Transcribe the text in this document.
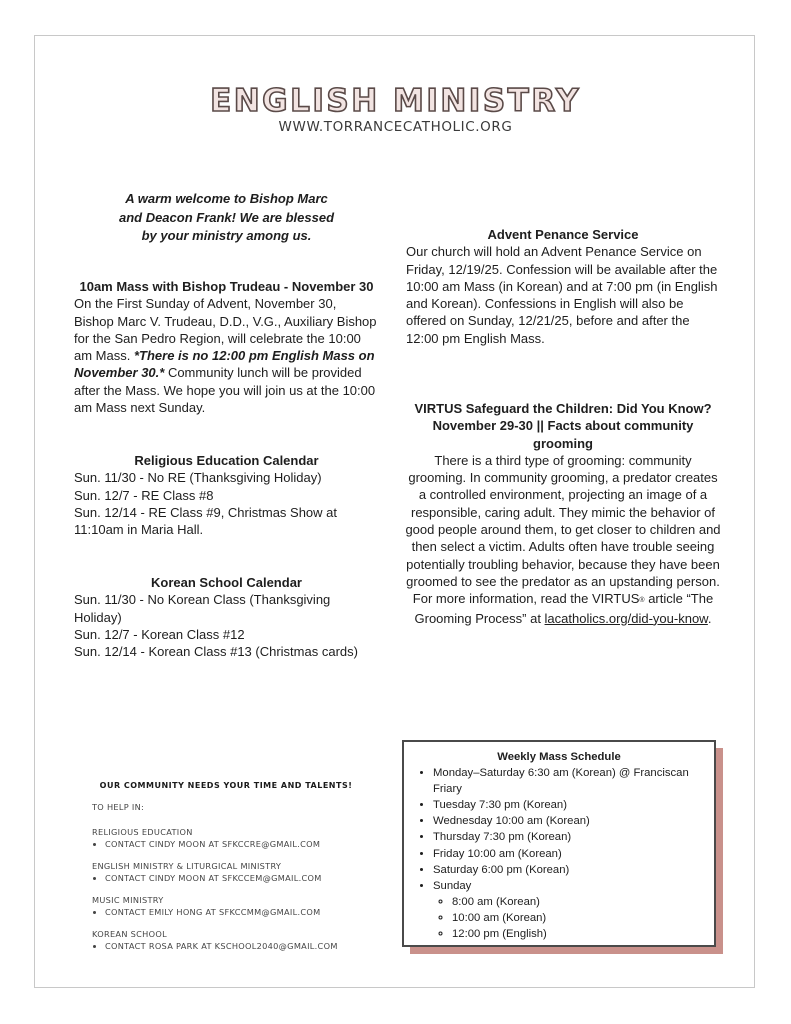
ENGLISH MINISTRY
WWW.TORRANCECATHOLIC.ORG
A warm welcome to Bishop Marc
and Deacon Frank! We are blessed
by your ministry among us.
10am Mass with Bishop Trudeau - November 30

On the First Sunday of Advent, November 30, Bishop Marc V. Trudeau, D.D., V.G., Auxiliary Bishop for the San Pedro Region, will celebrate the 10:00 am Mass. *There is no 12:00 pm English Mass on November 30.* Community lunch will be provided after the Mass. We hope you will join us at the 10:00 am Mass next Sunday.

Religious Education Calendar

Sun. 11/30 - No RE (Thanksgiving Holiday)

Sun. 12/7 - RE Class #8

Sun. 12/14 - RE Class #9, Christmas Show at 11:10am in Maria Hall.

Korean School Calendar

Sun. 11/30 - No Korean Class (Thanksgiving Holiday)

Sun. 12/7 - Korean Class #12

Sun. 12/14 - Korean Class #13 (Christmas cards)

Advent Penance Service

Our church will hold an Advent Penance Service on Friday, 12/19/25. Confession will be available after the 10:00 am Mass (in Korean) and at 7:00 pm (in English and Korean). Confessions in English will also be offered on Sunday, 12/21/25, before and after the 12:00 pm English Mass.

VIRTUS Safeguard the Children: Did You Know?
November 29-30 || Facts about community grooming

There is a third type of grooming: community grooming. In community grooming, a predator creates a controlled environment, projecting an image of a responsible, caring adult. They mimic the behavior of good people around them, to get closer to children and then select a victim. Adults often have trouble seeing potentially troubling behavior, because they have been groomed to see the predator as an upstanding person. For more information, read the VIRTUS® article “The Grooming Process” at lacatholics.org/did-you-know.

OUR COMMUNITY NEEDS YOUR TIME AND TALENTS!
TO HELP IN:
RELIGIOUS EDUCATION
• CONTACT CINDY MOON AT SFKCCRE@GMAIL.COM
ENGLISH MINISTRY & LITURGICAL MINISTRY
• CONTACT CINDY MOON AT SFKCCEM@GMAIL.COM
MUSIC MINISTRY
• CONTACT EMILY HONG AT SFKCCMM@GMAIL.COM
KOREAN SCHOOL
• CONTACT ROSA PARK AT KSCHOOL2040@GMAIL.COM
Weekly Mass Schedule
• Monday–Saturday 6:30 am (Korean) @ Franciscan Friary
• Tuesday 7:30 pm (Korean)
• Wednesday 10:00 am (Korean)
• Thursday 7:30 pm (Korean)
• Friday 10:00 am (Korean)
• Saturday 6:00 pm (Korean)
• Sunday
◦ 8:00 am (Korean)
◦ 10:00 am (Korean)
◦ 12:00 pm (English)
